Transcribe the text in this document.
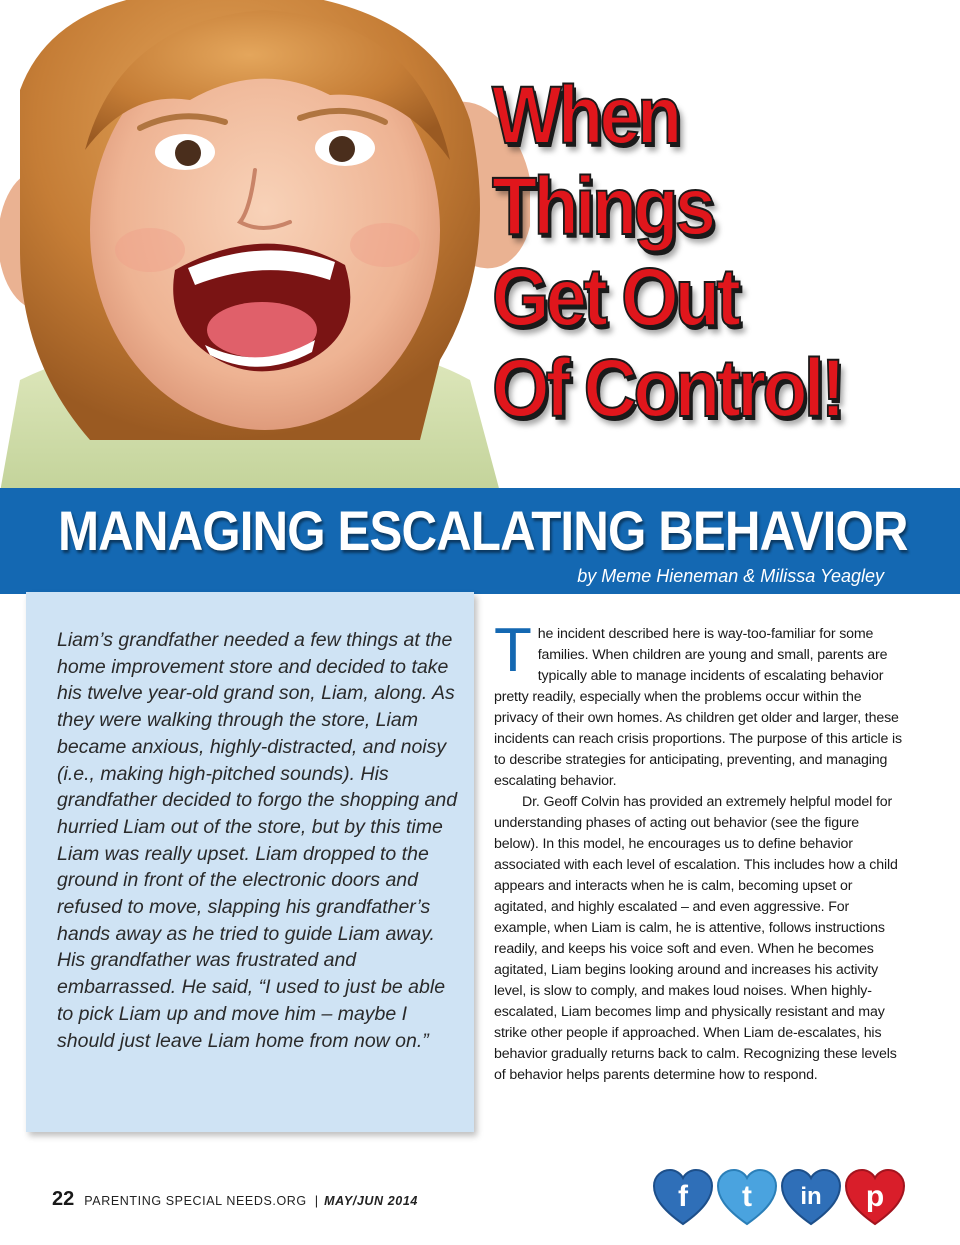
When
Things
Get Out
Of Control!
MANAGING ESCALATING BEHAVIOR
by Meme Hieneman & Milissa Yeagley
Liam’s grandfather needed a few things at the home improvement store and decided to take his twelve year-old grand son, Liam, along. As they were walking through the store, Liam became anxious, highly-distracted, and noisy (i.e., making high-pitched sounds). His grandfather decided to forgo the shopping and hurried Liam out of the store, but by this time Liam was really upset. Liam dropped to the ground in front of the electronic doors and refused to move, slapping his grandfather’s hands away as he tried to guide Liam away. His grandfather was frustrated and embarrassed. He said, “I used to just be able to pick Liam up and move him – maybe I should just leave Liam home from now on.”

The incident described here is way-too-familiar for some families. When children are young and small, parents are typically able to manage incidents of escalating behavior pretty readily, especially when the problems occur within the privacy of their own homes. As children get older and larger, these incidents can reach crisis proportions. The purpose of this article is to describe strategies for anticipating, preventing, and managing escalating behavior.

Dr. Geoff Colvin has provided an extremely helpful model for understanding phases of acting out behavior (see the figure below). In this model, he encourages us to define behavior associated with each level of escalation. This includes how a child appears and interacts when he is calm, becoming upset or agitated, and highly escalated – and even aggressive. For example, when Liam is calm, he is attentive, follows instructions readily, and keeps his voice soft and even. When he becomes agitated, Liam begins looking around and increases his activity level, is slow to comply, and makes loud noises. When highly-escalated, Liam becomes limp and physically resistant and may strike other people if approached. When Liam de-escalates, his behavior gradually returns back to calm. Recognizing these levels of behavior helps parents determine how to respond.

22 PARENTING SPECIAL NEEDS.ORG | MAY/JUN 2014	f t in p
